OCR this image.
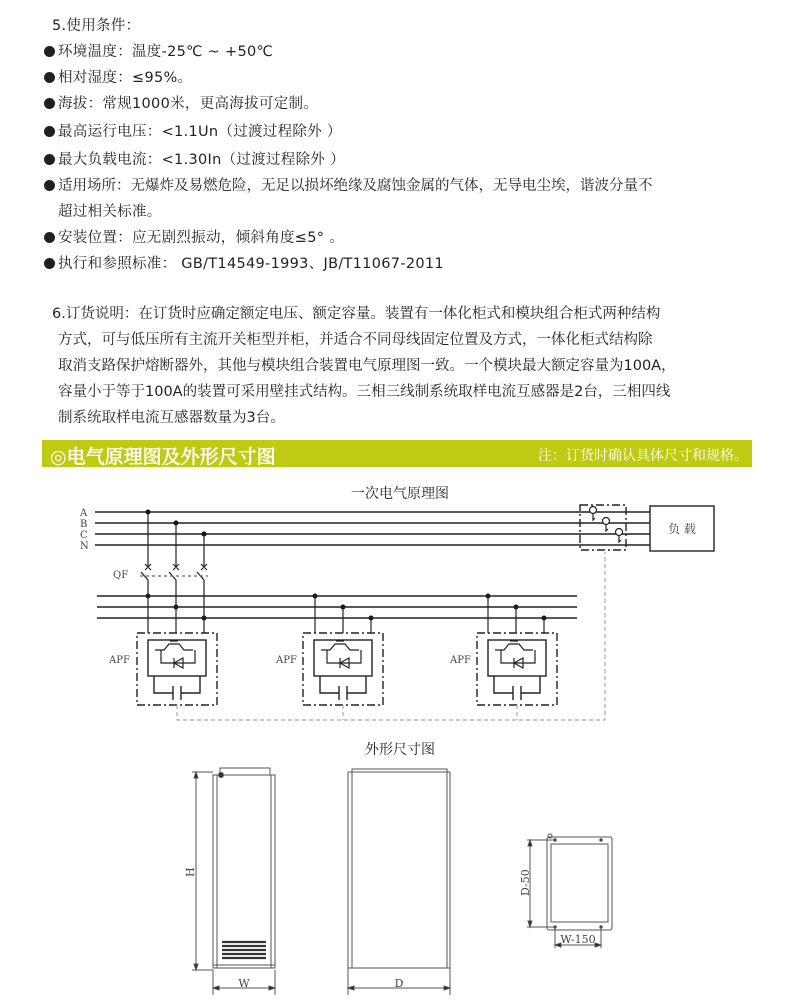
5.使用条件：
环境温度：温度-25℃ ~ +50℃
相对湿度：≤95%。
海拔：常规1000米，更高海拔可定制。
最高运行电压：<1.1Un（过渡过程除外 ）
最大负载电流：<1.30In（过渡过程除外 ）
适用场所：无爆炸及易燃危险，无足以损坏绝缘及腐蚀金属的气体，无导电尘埃，谐波分量不
超过相关标准。
安装位置：应无剧烈振动，倾斜角度≤5° 。
执行和参照标准： GB/T14549-1993、JB/T11067-2011
6.订货说明：在订货时应确定额定电压、额定容量。装置有一体化柜式和模块组合柜式两种结构
方式，可与低压所有主流开关柜型并柜，并适合不同母线固定位置及方式，一体化柜式结构除
取消支路保护熔断器外，其他与模块组合装置电气原理图一致。一个模块最大额定容量为100A，
容量小于等于100A的装置可采用壁挂式结构。三相三线制系统取样电流互感器是2台，三相四线
制系统取样电流互感器数量为3台。
◎电气原理图及外形尺寸图	注：订货时确认具体尺寸和规格。
一次电气原理图
A
B
C
N
QF
APF	APF	APF
负 载
外形尺寸图
H
W	D
D-50
W-150
